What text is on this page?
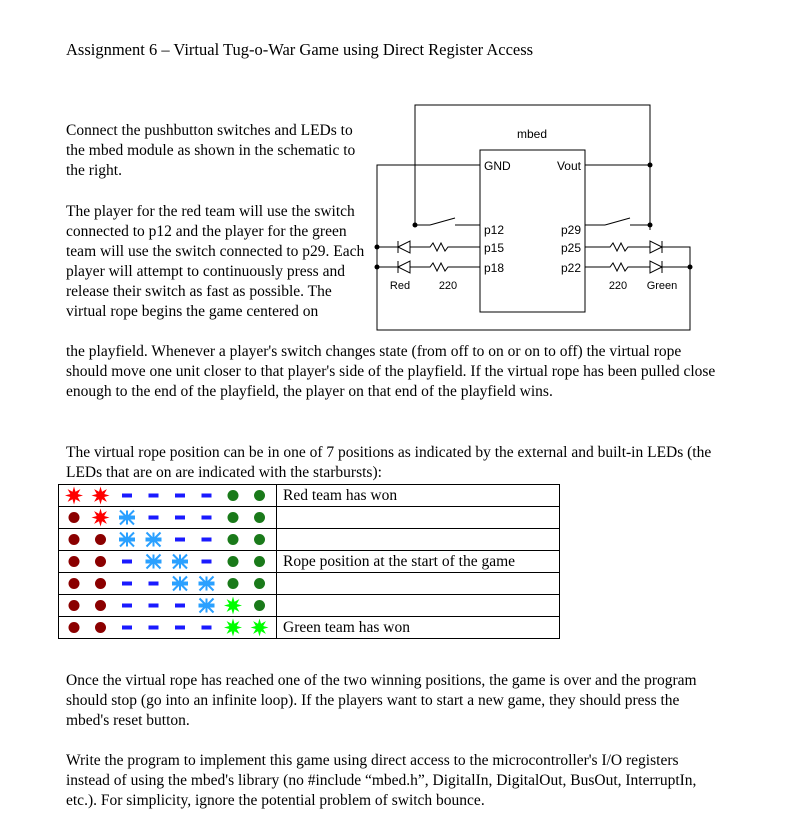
Assignment 6 – Virtual Tug-o-War Game using Direct Register Access

Connect the pushbutton switches and LEDs to the mbed module as shown in the schematic to the right.

The player for the red team will use the switch connected to p12 and the player for the green team will use the switch connected to p29. Each player will attempt to continuously press and release their switch as fast as possible. The virtual rope begins the game centered on

the playfield. Whenever a player's switch changes state (from off to on or on to off) the virtual rope should move one unit closer to that player's side of the playfield. If the virtual rope has been pulled close enough to the end of the playfield, the player on that end of the playfield wins.

The virtual rope position can be in one of 7 positions as indicated by the external and built-in LEDs (the LEDs that are on are indicated with the starbursts):

mbed
GND	Vout
p12
p15
p18
p29
p25
p22
Red	220	220 Green
	Red team has won

	Rope position at the start of the game

	Green team has won

Once the virtual rope has reached one of the two winning positions, the game is over and the program should stop (go into an infinite loop). If the players want to start a new game, they should press the mbed's reset button.

Write the program to implement this game using direct access to the microcontroller's I/O registers instead of using the mbed's library (no #include “mbed.h”, DigitalIn, DigitalOut, BusOut, InterruptIn, etc.). For simplicity, ignore the potential problem of switch bounce.
